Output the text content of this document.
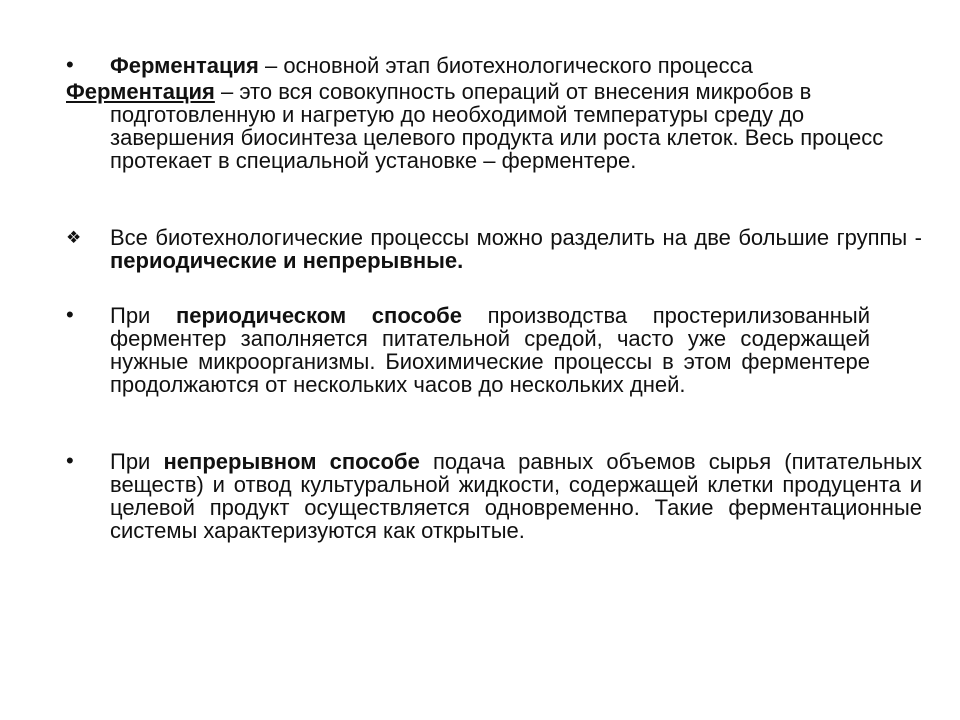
• Ферментация – основной этап биотехнологического процесса
Ферментация – это вся совокупность операций от внесения микробов в подготовленную и нагретую до необходимой температуры среду до завершения биосинтеза целевого продукта или роста клеток. Весь процесс протекает в специальной установке – ферментере.
❖ Все биотехнологические процессы можно разделить на две большие группы - периодические и непрерывные.
• При периодическом способе производства простерилизованный ферментер заполняется питательной средой, часто уже содержащей нужные микроорганизмы. Биохимические процессы в этом ферментере продолжаются от нескольких часов до нескольких дней.
• При непрерывном способе подача равных объемов сырья (питательных веществ) и отвод культуральной жидкости, содержащей клетки продуцента и целевой продукт осуществляется одновременно. Такие ферментационные системы характеризуются как открытые.
